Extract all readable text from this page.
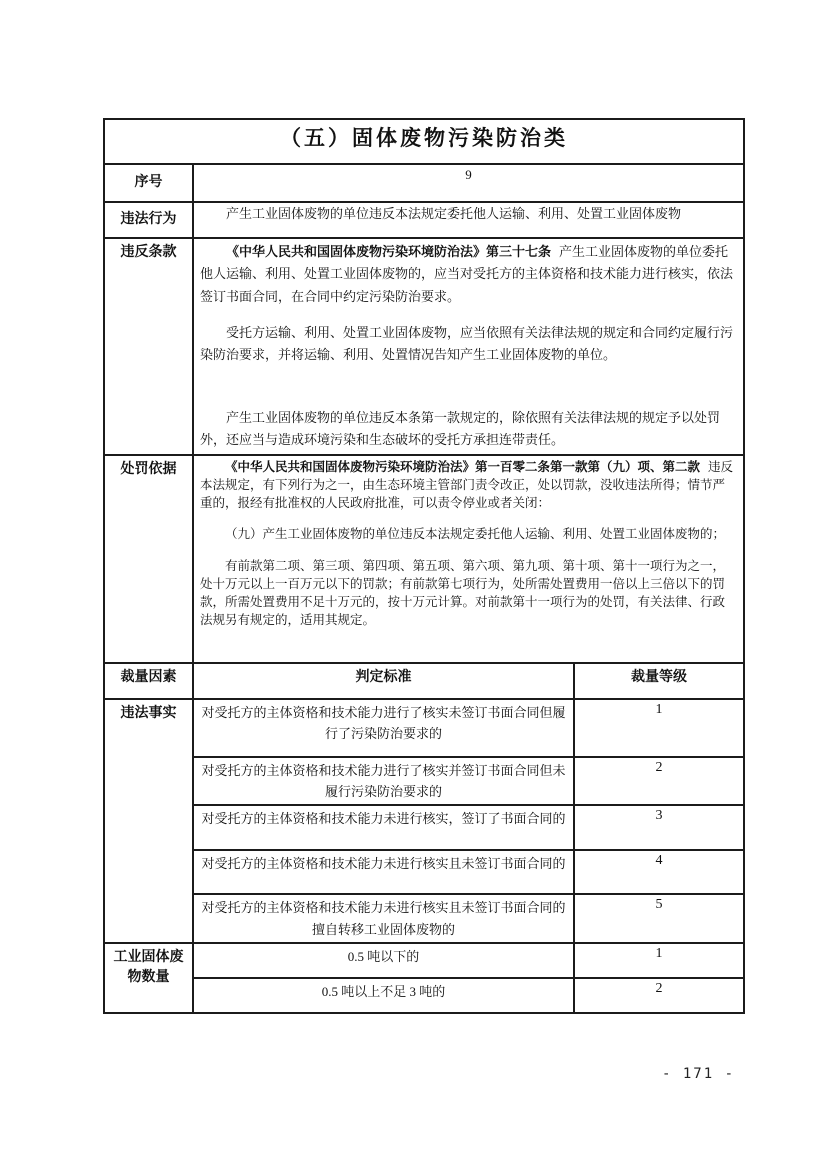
（五）固体废物污染防治类		
序号	9	
违法行为	产生工业固体废物的单位违反本法规定委托他人运输、利用、处置工业固体废物	
违反条款	《中华人民共和国固体废物污染环境防治法》第三十七条 产生工业固体废物的单位委托他人运输、利用、处置工业固体废物的，应当对受托方的主体资格和技术能力进行核实，依法签订书面合同，在合同中约定污染防治要求。

受托方运输、利用、处置工业固体废物，应当依照有关法律法规的规定和合同约定履行污染防治要求，并将运输、利用、处置情况告知产生工业固体废物的单位。

产生工业固体废物的单位违反本条第一款规定的，除依照有关法律法规的规定予以处罚外，还应当与造成环境污染和生态破坏的受托方承担连带责任。	

处罚依据	《中华人民共和国固体废物污染环境防治法》第一百零二条第一款第（九）项、第二款 违反本法规定，有下列行为之一，由生态环境主管部门责令改正，处以罚款，没收违法所得；情节严重的，报经有批准权的人民政府批准，可以责令停业或者关闭：

（九）产生工业固体废物的单位违反本法规定委托他人运输、利用、处置工业固体废物的；

有前款第二项、第三项、第四项、第五项、第六项、第九项、第十项、第十一项行为之一，处十万元以上一百万元以下的罚款；有前款第七项行为，处所需处置费用一倍以上三倍以下的罚款，所需处置费用不足十万元的，按十万元计算。对前款第十一项行为的处罚，有关法律、行政法规另有规定的，适用其规定。	

裁量因素	判定标准	裁量等级
违法事实	对受托方的主体资格和技术能力进行了核实未签订书面合同但履行了污染防治要求的	1
	对受托方的主体资格和技术能力进行了核实并签订书面合同但未履行污染防治要求的	2
	对受托方的主体资格和技术能力未进行核实，签订了书面合同的	3
	对受托方的主体资格和技术能力未进行核实且未签订书面合同的	4
	对受托方的主体资格和技术能力未进行核实且未签订书面合同的擅自转移工业固体废物的	5
工业固体废物数量	0.5 吨以下的	1
	0.5 吨以上不足 3 吨的	2
- 171 -
